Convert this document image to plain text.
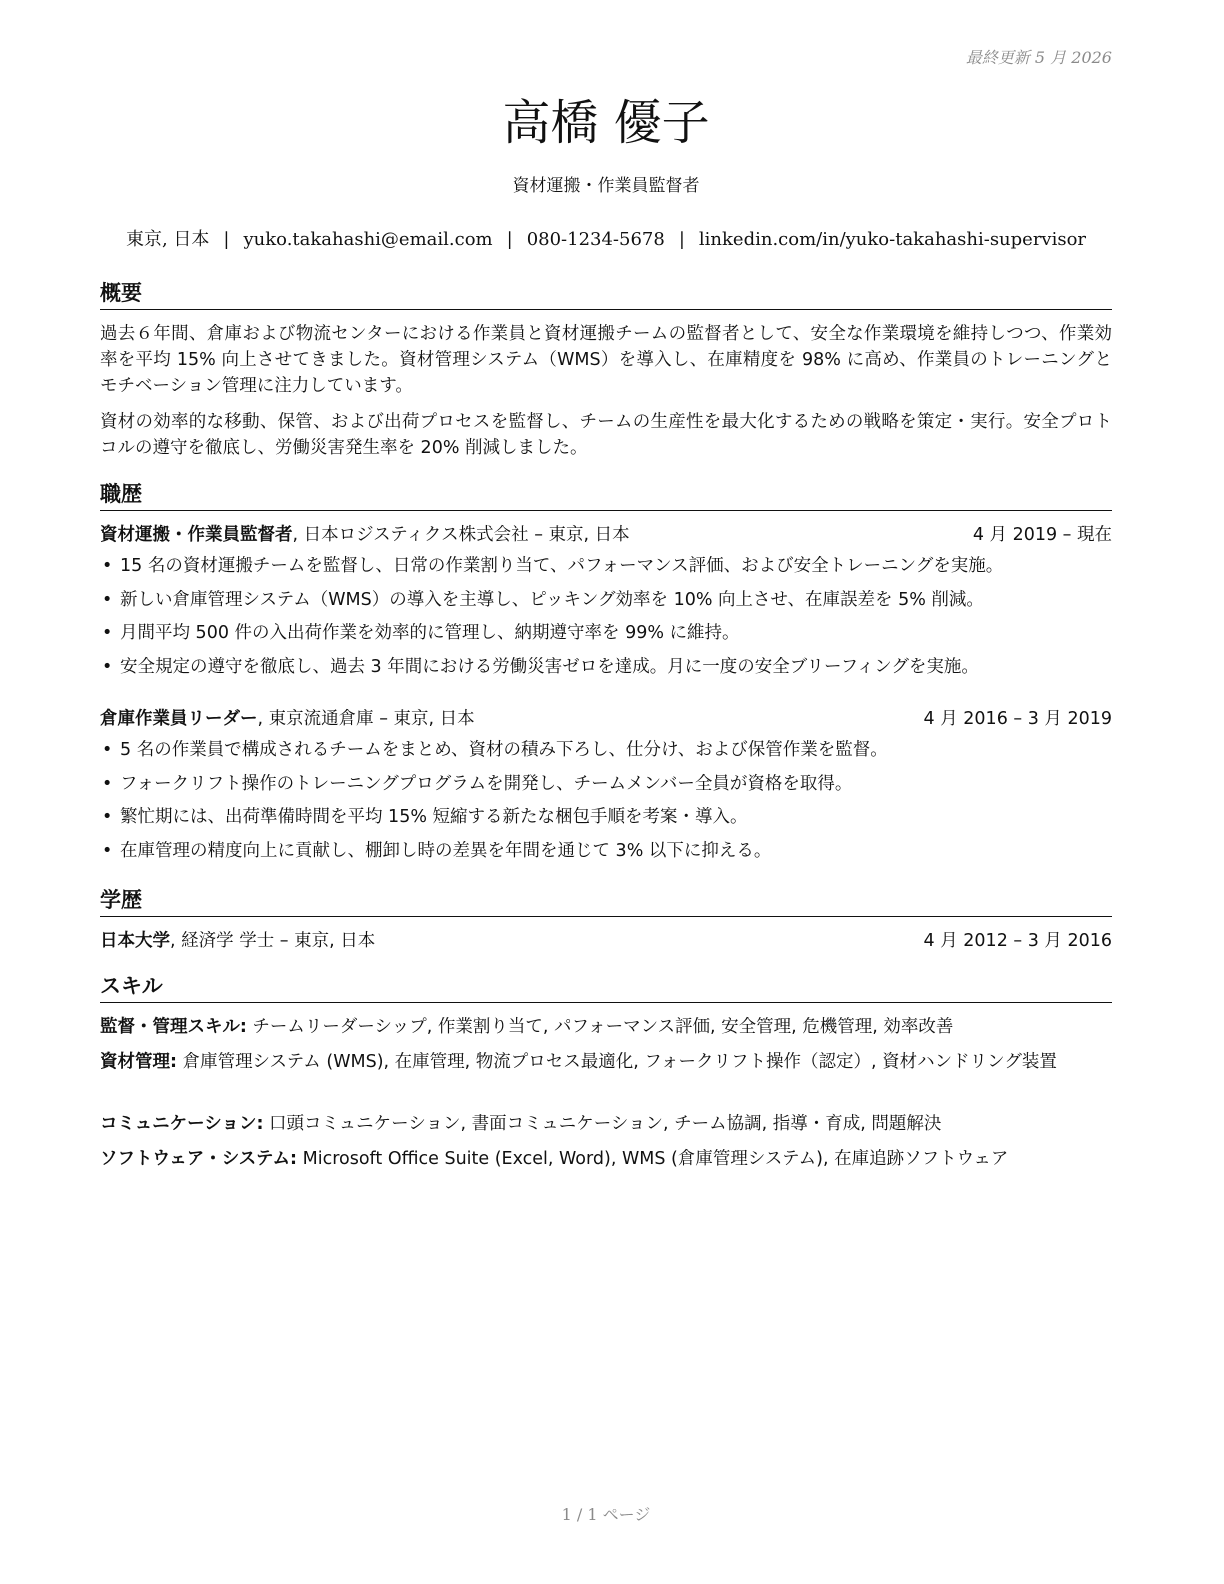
最終更新 5 月 2026
高橋 優子
資材運搬・作業員監督者
東京, 日本 | yuko.takahashi@email.com | 080-1234-5678 | linkedin.com/in/yuko-takahashi-supervisor
概要
過去６年間、倉庫および物流センターにおける作業員と資材運搬チームの監督者として、安全な作業環境を維持しつつ、作業効率を平均 15% 向上させてきました。資材管理システム（WMS）を導入し、在庫精度を 98% に高め、作業員のトレーニングとモチベーション管理に注力しています。
資材の効率的な移動、保管、および出荷プロセスを監督し、チームの生産性を最大化するための戦略を策定・実行。安全プロトコルの遵守を徹底し、労働災害発生率を 20% 削減しました。
職歴
資材運搬・作業員監督者, 日本ロジスティクス株式会社 – 東京, 日本	4 月 2019 – 現在
• 15 名の資材運搬チームを監督し、日常の作業割り当て、パフォーマンス評価、および安全トレーニングを実施。
• 新しい倉庫管理システム（WMS）の導入を主導し、ピッキング効率を 10% 向上させ、在庫誤差を 5% 削減。
• 月間平均 500 件の入出荷作業を効率的に管理し、納期遵守率を 99% に維持。
• 安全規定の遵守を徹底し、過去 3 年間における労働災害ゼロを達成。月に一度の安全ブリーフィングを実施。
倉庫作業員リーダー, 東京流通倉庫 – 東京, 日本	4 月 2016 – 3 月 2019
• 5 名の作業員で構成されるチームをまとめ、資材の積み下ろし、仕分け、および保管作業を監督。
• フォークリフト操作のトレーニングプログラムを開発し、チームメンバー全員が資格を取得。
• 繁忙期には、出荷準備時間を平均 15% 短縮する新たな梱包手順を考案・導入。
• 在庫管理の精度向上に貢献し、棚卸し時の差異を年間を通じて 3% 以下に抑える。
学歴
日本大学, 経済学 学士 – 東京, 日本	4 月 2012 – 3 月 2016
スキル
監督・管理スキル: チームリーダーシップ, 作業割り当て, パフォーマンス評価, 安全管理, 危機管理, 効率改善
資材管理: 倉庫管理システム (WMS), 在庫管理, 物流プロセス最適化, フォークリフト操作（認定）, 資材ハンドリング装置
コミュニケーション: 口頭コミュニケーション, 書面コミュニケーション, チーム協調, 指導・育成, 問題解決
ソフトウェア・システム: Microsoft Office Suite (Excel, Word), WMS (倉庫管理システム), 在庫追跡ソフトウェア
1 / 1 ページ
